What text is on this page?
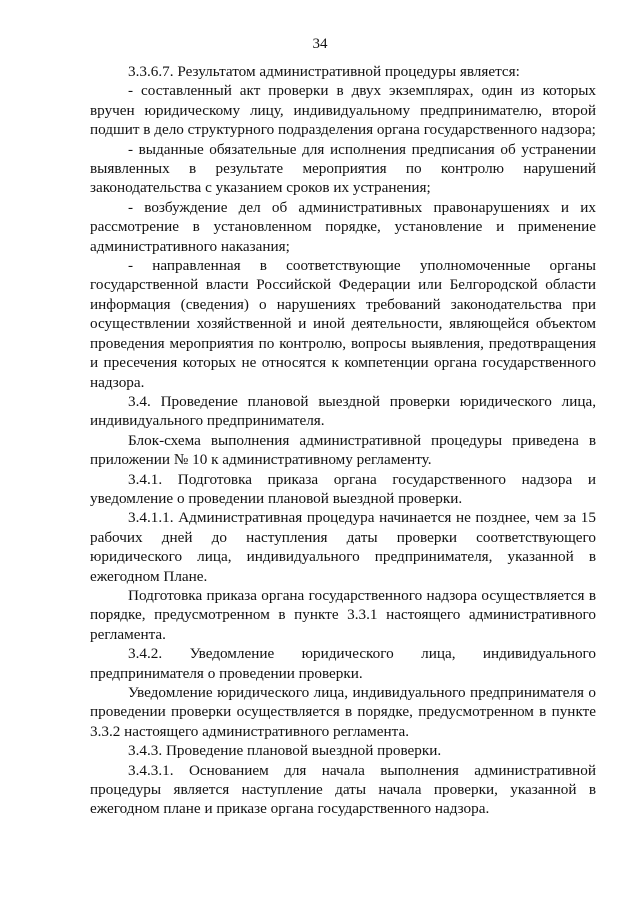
34

3.3.6.7. Результатом административной процедуры является:

- составленный акт проверки в двух экземплярах, один из которых вручен юридическому лицу, индивидуальному предпринимателю, второй подшит в дело структурного подразделения органа государственного надзора;

- выданные обязательные для исполнения предписания об устранении выявленных в результате мероприятия по контролю нарушений законодательства с указанием сроков их устранения;

- возбуждение дел об административных правонарушениях и их рассмотрение в установленном порядке, установление и применение административного наказания;

- направленная в соответствующие уполномоченные органы государственной власти Российской Федерации или Белгородской области информация (сведения) о нарушениях требований законодательства при осуществлении хозяйственной и иной деятельности, являющейся объектом проведения мероприятия по контролю, вопросы выявления, предотвращения и пресечения которых не относятся к компетенции органа государственного надзора.

3.4. Проведение плановой выездной проверки юридического лица, индивидуального предпринимателя.

Блок-схема выполнения административной процедуры приведена в приложении № 10 к административному регламенту.

3.4.1. Подготовка приказа органа государственного надзора и уведомление о проведении плановой выездной проверки.

3.4.1.1. Административная процедура начинается не позднее, чем за 15 рабочих дней до наступления даты проверки соответствующего юридического лица, индивидуального предпринимателя, указанной в ежегодном Плане.

Подготовка приказа органа государственного надзора осуществляется в порядке, предусмотренном в пункте 3.3.1 настоящего административного регламента.

3.4.2. Уведомление юридического лица, индивидуального предпринимателя о проведении проверки.

Уведомление юридического лица, индивидуального предпринимателя о проведении проверки осуществляется в порядке, предусмотренном в пункте 3.3.2 настоящего административного регламента.

3.4.3. Проведение плановой выездной проверки.

3.4.3.1. Основанием для начала выполнения административной процедуры является наступление даты начала проверки, указанной в ежегодном плане и приказе органа государственного надзора.
